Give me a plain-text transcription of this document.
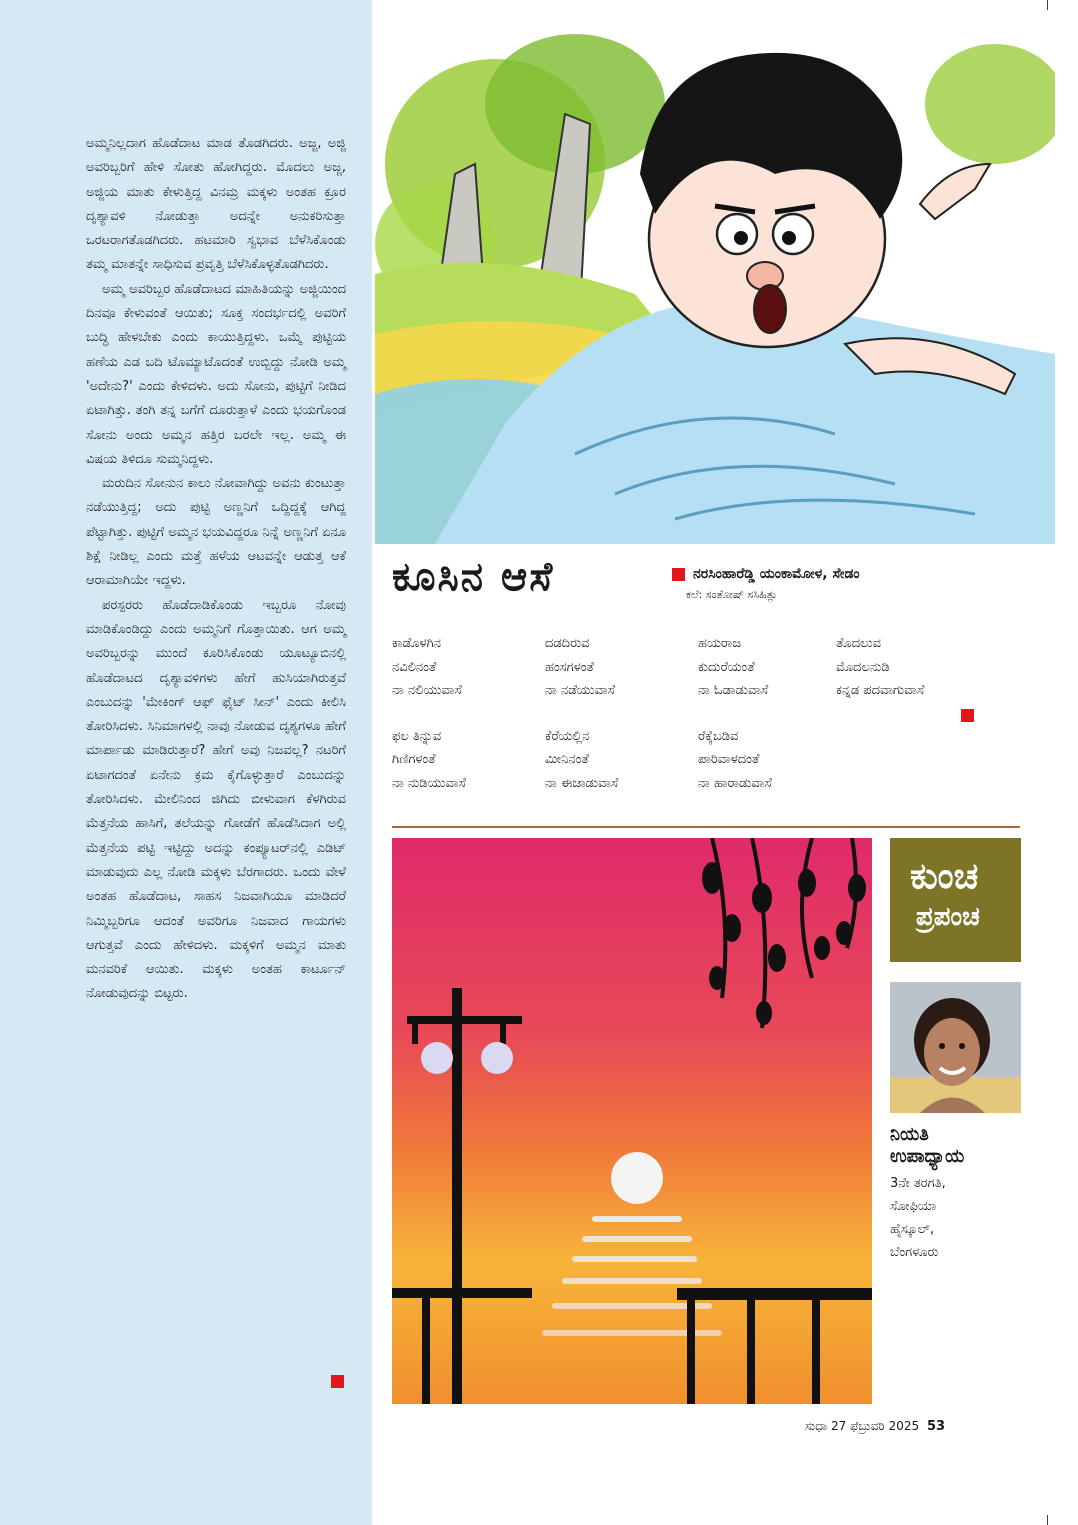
ಅಮ್ಮನಿಲ್ಲದಾಗ ಹೊಡೆದಾಟ ಮಾಡ ತೊಡಗಿದರು. ಅಜ್ಜ, ಅಜ್ಜಿ ಅವರಿಬ್ಬರಿಗೆ ಹೇಳಿ ಸೋತು ಹೋಗಿದ್ದರು. ಮೊದಲು ಅಜ್ಜ, ಅಜ್ಜಿಯ ಮಾತು ಕೇಳುತ್ತಿದ್ದ ವಿನಮ್ರ ಮಕ್ಕಳು ಅಂತಹ ಕ್ರೂರ ದೃಶ್ಯಾವಳಿ ನೋಡುತ್ತಾ ಅದನ್ನೇ ಅನುಕರಿಸುತ್ತಾ ಒರಟರಾಗತೊಡಗಿದರು. ಹಟಮಾರಿ ಸ್ವಭಾವ ಬೆಳೆಸಿಕೊಂಡು ತಮ್ಮ ಮಾತನ್ನೇ ಸಾಧಿಸುವ ಪ್ರವೃತ್ತಿ ಬೆಳೆಸಿಕೊಳ್ಳತೊಡಗಿದರು.

ಅಮ್ಮ ಅವರಿಬ್ಬರ ಹೊಡೆದಾಟದ ಮಾಹಿತಿಯನ್ನು ಅಜ್ಜಿಯಿಂದ ದಿನವೂ ಕೇಳುವಂತೆ ಆಯಿತು; ಸೂಕ್ತ ಸಂದರ್ಭದಲ್ಲಿ ಅವರಿಗೆ ಬುದ್ಧಿ ಹೇಳಬೇಕು ಎಂದು ಕಾಯುತ್ತಿದ್ದಳು. ಒಮ್ಮೆ ಪುಟ್ಟಿಯ ಹಣೆಯ ಎಡ ಬದಿ ಟೊಮ್ಯಾಟೊದಂತೆ ಉಬ್ಬಿದ್ದು ನೋಡಿ ಅಮ್ಮ 'ಅದೇನು?' ಎಂದು ಕೇಳಿದಳು. ಅದು ಸೋನು, ಪುಟ್ಟಿಗೆ ನೀಡಿದ ಏಟಾಗಿತ್ತು. ತಂಗಿ ತನ್ನ ಬಗೆಗೆ ದೂರುತ್ತಾಳೆ ಎಂದು ಭಯಗೊಂಡ ಸೋನು ಅಂದು ಅಮ್ಮನ ಹತ್ತಿರ ಬರಲೇ ಇಲ್ಲ. ಅಮ್ಮ ಈ ವಿಷಯ ತಿಳಿದೂ ಸುಮ್ಮನಿದ್ದಳು.

ಮರುದಿನ ಸೋನುನ ಕಾಲು ನೋವಾಗಿದ್ದು ಅವನು ಕುಂಟುತ್ತಾ ನಡೆಯುತ್ತಿದ್ದ; ಅದು ಪುಟ್ಟಿ ಅಣ್ಣನಿಗೆ ಒದ್ದಿದ್ದಕ್ಕೆ ಆಗಿದ್ದ ಪೆಟ್ಟಾಗಿತ್ತು. ಪುಟ್ಟಿಗೆ ಅಮ್ಮನ ಭಯವಿದ್ದರೂ ನಿನ್ನೆ ಅಣ್ಣನಿಗೆ ಏನೂ ಶಿಕ್ಷೆ ನೀಡಿಲ್ಲ ಎಂದು ಮತ್ತೆ ಹಳೆಯ ಆಟವನ್ನೇ ಆಡುತ್ತ ಆಕೆ ಆರಾಮಾಗಿಯೇ ಇದ್ದಳು.

ಪರಸ್ಪರರು ಹೊಡೆದಾಡಿಕೊಂಡು ಇಬ್ಬರೂ ನೋವು ಮಾಡಿಕೊಂಡಿದ್ದು ಎಂದು ಅಮ್ಮನಿಗೆ ಗೊತ್ತಾಯಿತು. ಆಗ ಅಮ್ಮ ಅವರಿಬ್ಬರನ್ನು ಮುಂದೆ ಕೂರಿಸಿಕೊಂಡು ಯೂಟ್ಯೂಬಿನಲ್ಲಿ ಹೊಡೆದಾಟದ ದೃಶ್ಯಾವಳಿಗಳು ಹೇಗೆ ಹುಸಿಯಾಗಿರುತ್ತವೆ ಎಂಬುದನ್ನು 'ಮೇಕಿಂಗ್ ಆಫ್ ಫೈಟ್ ಸೀನ್' ಎಂದು ಕೀಲಿಸಿ ತೋರಿಸಿದಳು. ಸಿನಿಮಾಗಳಲ್ಲಿ ನಾವು ನೋಡುವ ದೃಶ್ಯಗಳೂ ಹೇಗೆ ಮಾರ್ಪಾಡು ಮಾಡಿರುತ್ತಾರೆ? ಹೇಗೆ ಅವು ನಿಜವಲ್ಲ? ನಟರಿಗೆ ಏಟಾಗದಂತೆ ಏನೇನು ಕ್ರಮ ಕೈಗೊಳ್ಳುತ್ತಾರೆ ಎಂಬುದನ್ನು ತೋರಿಸಿದಳು. ಮೇಲಿನಿಂದ ಜಿಗಿದು ಬೀಳುವಾಗ ಕೆಳಗಿರುವ ಮೆತ್ತನೆಯ ಹಾಸಿಗೆ, ತಲೆಯನ್ನು ಗೋಡೆಗೆ ಹೊಡೆಸಿದಾಗ ಅಲ್ಲಿ ಮೆತ್ತನೆಯ ಪಟ್ಟಿ ಇಟ್ಟಿದ್ದು ಅದನ್ನು ಕಂಪ್ಯೂಟರ್‌ನಲ್ಲಿ ಎಡಿಟ್ ಮಾಡುವುದು ಎಲ್ಲ ನೋಡಿ ಮಕ್ಕಳು ಬೆರಗಾದರು. ಒಂದು ವೇಳೆ ಅಂತಹ ಹೊಡೆದಾಟ, ಸಾಹಸ ನಿಜವಾಗಿಯೂ ಮಾಡಿದರೆ ನಿಮ್ಮಿಬ್ಬರಿಗೂ ಆದಂತೆ ಅವರಿಗೂ ನಿಜವಾದ ಗಾಯಗಳು ಆಗುತ್ತವೆ ಎಂದು ಹೇಳಿದಳು. ಮಕ್ಕಳಿಗೆ ಅಮ್ಮನ ಮಾತು ಮನವರಿಕೆ ಆಯಿತು. ಮಕ್ಕಳು ಅಂತಹ ಕಾರ್ಟೂನ್ ನೋಡುವುದನ್ನು ಬಿಟ್ಟರು.

ಕೂಸಿನ ಆಸೆ	ನರಸಿಂಹಾರೆಡ್ಡಿ ಯಂಕಾಮೋಳ, ಸೇಡಂ
ಕಲೆ: ಸಂತೋಷ್ ಸಸಿಹಿತ್ಲು
ಕಾಡೊಳಗಿನ
ನವಿಲಿನಂತೆ
ನಾ ನಲಿಯುವಾಸೆ
ದಡದಿರುವ
ಹಂಸಗಳಂತೆ
ನಾ ನಡೆಯುವಾಸೆ
ಹಯರಾಜ
ಕುದುರೆಯಂತೆ
ನಾ ಓಡಾಡುವಾಸೆ
ತೊದಲುವ
ಮೊದಲನುಡಿ
ಕನ್ನಡ ಪದವಾಗುವಾಸೆ
ಫಲ ತಿನ್ನುವ
ಗಿಣಿಗಳಂತೆ
ನಾ ನುಡಿಯುವಾಸೆ
ಕೆರೆಯಲ್ಲಿನ
ಮೀನಿನಂತೆ
ನಾ ಈಜಾಡುವಾಸೆ
ರೆಕ್ಕೆಬಡಿವ
ಪಾರಿವಾಳದಂತೆ
ನಾ ಹಾರಾಡುವಾಸೆ
ಕುಂಚ
ಪ್ರಪಂಚ
ನಿಯತಿ
ಉಪಾಧ್ಯಾಯ
3ನೇ ತರಗತಿ,
ಸೋಫಿಯಾ
ಹೈಸ್ಕೂಲ್,
ಬೆಂಗಳೂರು
ಸುಧಾ 27 ಫೆಬ್ರುವರಿ 2025 53
